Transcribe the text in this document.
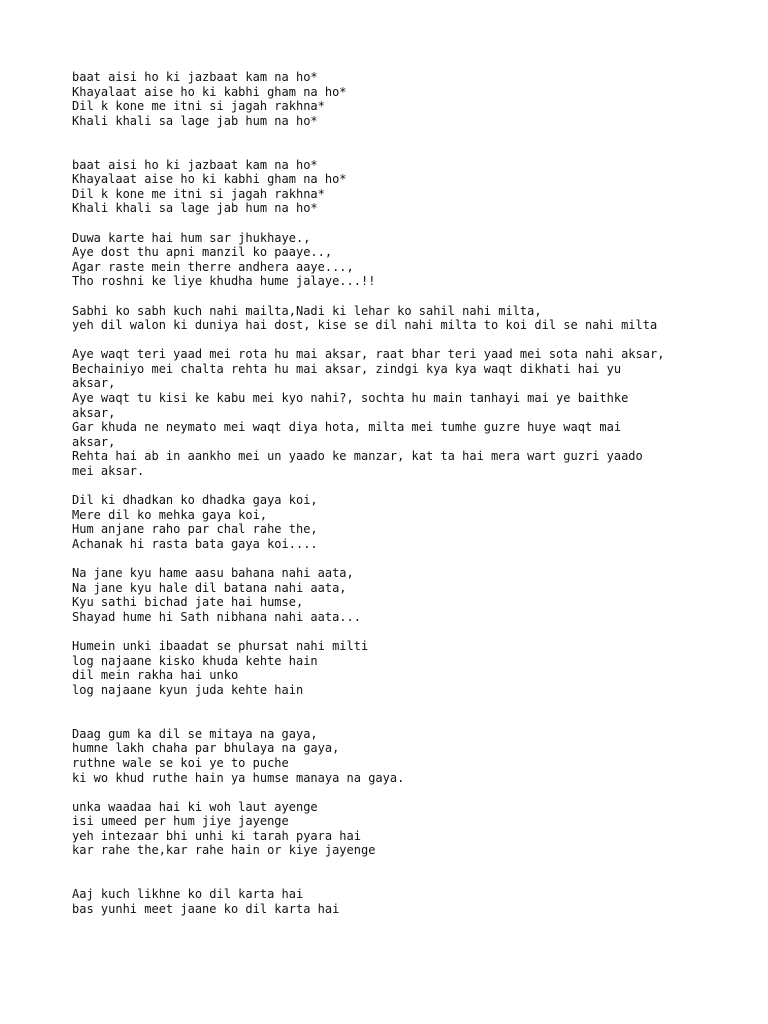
baat aisi ho ki jazbaat kam na ho*
Khayalaat aise ho ki kabhi gham na ho*
Dil k kone me itni si jagah rakhna*
Khali khali sa lage jab hum na ho*
baat aisi ho ki jazbaat kam na ho*
Khayalaat aise ho ki kabhi gham na ho*
Dil k kone me itni si jagah rakhna*
Khali khali sa lage jab hum na ho*
Duwa karte hai hum sar jhukhaye.,
Aye dost thu apni manzil ko paaye..,
Agar raste mein therre andhera aaye...,
Tho roshni ke liye khudha hume jalaye...!!
Sabhi ko sabh kuch nahi mailta,Nadi ki lehar ko sahil nahi milta,
yeh dil walon ki duniya hai dost, kise se dil nahi milta to koi dil se nahi milta
Aye waqt teri yaad mei rota hu mai aksar, raat bhar teri yaad mei sota nahi aksar,
Bechainiyo mei chalta rehta hu mai aksar, zindgi kya kya waqt dikhati hai yu
aksar,
Aye waqt tu kisi ke kabu mei kyo nahi?, sochta hu main tanhayi mai ye baithke
aksar,
Gar khuda ne neymato mei waqt diya hota, milta mei tumhe guzre huye waqt mai
aksar,
Rehta hai ab in aankho mei un yaado ke manzar, kat ta hai mera wart guzri yaado
mei aksar.
Dil ki dhadkan ko dhadka gaya koi,
Mere dil ko mehka gaya koi,
Hum anjane raho par chal rahe the,
Achanak hi rasta bata gaya koi....
Na jane kyu hame aasu bahana nahi aata,
Na jane kyu hale dil batana nahi aata,
Kyu sathi bichad jate hai humse,
Shayad hume hi Sath nibhana nahi aata...
Humein unki ibaadat se phursat nahi milti
log najaane kisko khuda kehte hain
dil mein rakha hai unko
log najaane kyun juda kehte hain
Daag gum ka dil se mitaya na gaya,
humne lakh chaha par bhulaya na gaya,
ruthne wale se koi ye to puche
ki wo khud ruthe hain ya humse manaya na gaya.
unka waadaa hai ki woh laut ayenge
isi umeed per hum jiye jayenge
yeh intezaar bhi unhi ki tarah pyara hai
kar rahe the,kar rahe hain or kiye jayenge
Aaj kuch likhne ko dil karta hai
bas yunhi meet jaane ko dil karta hai
